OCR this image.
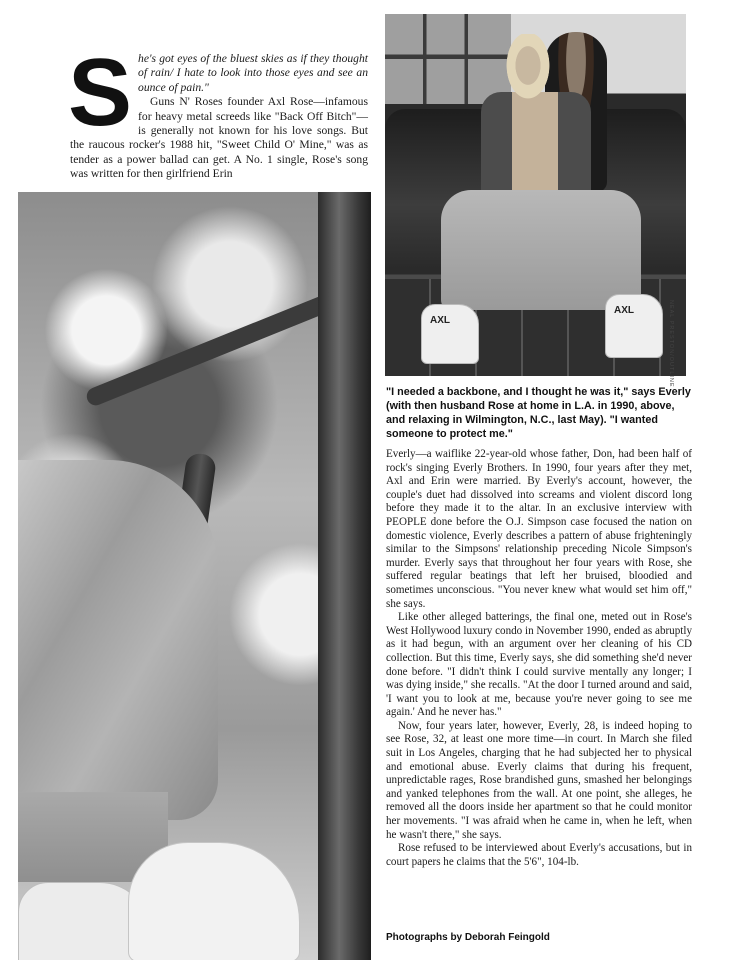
S he's got eyes of the bluest skies as if they thought of rain/ I hate to look into those eyes and see an ounce of pain."

Guns N' Roses founder Axl Rose—infamous for heavy metal screeds like "Back Off Bitch"—is generally not known for his love songs. But the raucous rocker's 1988 hit, "Sweet Child O' Mine," was as tender as a power ballad can get. A No. 1 single, Rose's song was written for then girlfriend Erin

AXL
AXL	NEAL PRESTON/OUTLINE
"I needed a backbone, and I thought he was it," says Everly (with then husband Rose at home in L.A. in 1990, above, and relaxing in Wilmington, N.C., last May). "I wanted someone to protect me."

Everly—a waiflike 22-year-old whose father, Don, had been half of rock's singing Everly Brothers. In 1990, four years after they met, Axl and Erin were married. By Everly's account, however, the couple's duet had dissolved into screams and violent discord long before they made it to the altar. In an exclusive interview with PEOPLE done before the O.J. Simpson case focused the nation on domestic violence, Everly describes a pattern of abuse frighteningly similar to the Simpsons' relationship preceding Nicole Simpson's murder. Everly says that throughout her four years with Rose, she suffered regular beatings that left her bruised, bloodied and sometimes unconscious. "You never knew what would set him off," she says.

Like other alleged batterings, the final one, meted out in Rose's West Hollywood luxury condo in November 1990, ended as abruptly as it had begun, with an argument over her cleaning of his CD collection. But this time, Everly says, she did something she'd never done before. "I didn't think I could survive mentally any longer; I was dying inside," she recalls. "At the door I turned around and said, 'I want you to look at me, because you're never going to see me again.' And he never has."

Now, four years later, however, Everly, 28, is indeed hoping to see Rose, 32, at least one more time—in court. In March she filed suit in Los Angeles, charging that he had subjected her to physical and emotional abuse. Everly claims that during his frequent, unpredictable rages, Rose brandished guns, smashed her belongings and yanked telephones from the wall. At one point, she alleges, he removed all the doors inside her apartment so that he could monitor her movements. "I was afraid when he came in, when he left, when he wasn't there," she says.

Rose refused to be interviewed about Everly's accusations, but in court papers he claims that the 5'6", 104-lb.

Photographs by Deborah Feingold
